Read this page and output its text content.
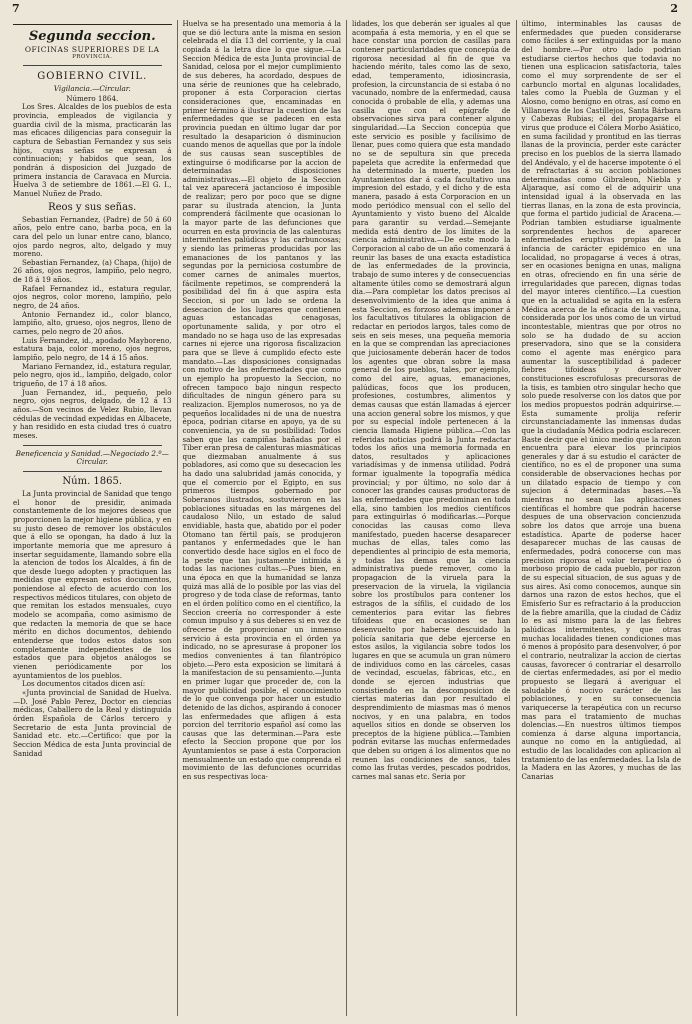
7	2
Segunda seccion.
OFICINAS SUPERIORES DE LA
PROVINCIA.
GOBIERNO CIVIL.
Vigilancia.—Circular.
Número 1864.

Los Sres. Alcaldes de los pueblos de esta provincia, empleados de vigilancia y guardia civil de la misma, practicarán las mas eficaces diligencias para conseguir la captura de Sebastian Fernandez y sus seis hijos, cuyas señas se expresan á continuacion; y habidos que sean, los pondrán á disposicion del Juzgado de primera instancia de Caravaca en Murcia. Huelva 3 de setiembre de 1861.—El G. I., Manuel Nuñez de Prado.

Reos y sus señas.

Sebastian Fernandez, (Padre) de 50 á 60 años, pelo entre cano, barba poca, en la cara del pelo un lunar entre cano, blanco, ojos pardo negros, alto, delgado y muy moreno.

Sebastian Fernandez, (a) Chapa, (hijo) de 26 años, ojos negros, lampiño, pelo negro, de 18 á 19 años.

Rafael Fernandez id., estatura regular, ojos negros, color moreno, lampiño, pelo negro, de 24 años.

Antonio Fernandez id., color blanco, lampiño, alto, grueso, ojos negros, lleno de carnes, pelo negro de 20 años.

Luis Fernandez, id., apodado Mayboreno, estatura baja, color moreno, ojos negros, lampiño, pelo negro, de 14 á 15 años.

Mariano Fernandez, id., estatura regular, pelo negro, ojos id., lampiño, delgado, color trigueño, de 17 á 18 años.

Juan Fernandez, id., pequeño, pelo negro, ojos negros, delgado, de 12 á 13 años.—Son vecinos de Velez Rubio, llevan cédulas de vecindad expedidas en Albacete, y han residido en esta ciudad tres ó cuatro meses.

Beneficencia y Sanidad.—Negociado 2.º—Circular.
Núm. 1865.

La Junta provincial de Sanidad que tengo el honor de presidir, animada constantemente de los mejores deseos que proporcionen la mejor higiene pública, y en su justo deseo de remover los obstáculos que á ello se opongan, ha dado á luz la importante memoria que me apresuro á insertar seguidamente, llamando sobre ella la atencion de todos los Alcaldes, á fin de que desde luego adopten y practiquen las medidas que expresan estos documentos, poniendose al efecto de acuerdo con los respectivos médicos titulares, con objeto de que remitan los estados mensuales, cuyo modelo se acompaña, como asimismo de que redacten la memoria de que se hace mérito en dichos documentos, debiendo entenderse que todos estos datos son completamente independientes de los estados que para objetos análogos se vienen periódicamente por los ayuntamientos de los pueblos.

Los documentos citados dicen así:

«Junta provincial de Sanidad de Huelva.—D. José Pablo Perez, Doctor en ciencias médicas, Caballero de la Real y distinguida órden Española de Cárlos tercero y Secretario de esta Junta provincial de Sanidad etc. etc.—Certifico: que por la Seccion Médica de esta Junta provincial de Sanidad

Huelva se ha presentado una memoria á la que se dió lectura ante la misma en sesion celebrada el día 13 del corriente, y la cual copiada á la letra dice lo que sigue.—La Seccion Médica de esta Junta provincial de Sanidad, celosa por el mejor cumplimiento de sus deberes, ha acordado, despues de una série de reuniones que ha celebrado, proponer á esta Corporacion ciertas consideraciones que, encaminadas en primer término á ilustrar la cuestion de las enfermedades que se padecen en esta provincia puedan en último lugar dar por resultado la desaparicion ó disminucion cuando menos de aquellas que por la índole de sus causas sean susceptibles de extinguirse ó modificarse por la accion de determinadas disposiciones administrativas.—El objeto de la Seccion tal vez aparecerá jactancioso é imposible de realizar; pero por poco que se digne parar su ilustrada atencion, la Junta comprenderá fácilmente que ocasionan lo la mayor parte de las defunciones que ocurren en esta provincia de las calenturas intermitentes palúdicas y las carbuncosas; y siendo las primeras producidas por las emanaciones de los pantanos y las segundas por la perniciosa costumbre de comer carnes de animales muertos, fácilmente repetimos, se comprenderá la posibilidad del fin á que aspira esta Seccion, si por un lado se ordena la desecacion de los lugares que contienen aguas estancadas cenagosas, oportunamente salida, y por otro el mandado no se haga uso de las expresadas carnes ni ejerce una rigorosa fiscalizacion para que se lleve á cumplido efecto este mandato.—Las disposiciones consignadas con motivo de las enfermedades que como un ejemplo ha propuesto la Seccion, no ofrecen tampoco bajo ningun respecto dificultades de ningun género para su realizacion. Ejemplos numerosos, no ya de pequeños localidades ni de una de nuestra época, podrian citarse en apoyo, ya de su conveniencia, ya de su posibilidad: Todos saben que las campiñas bañadas por el Tíber eran presa de calenturas miasmáticas que diezmaban anualmente á sus pobladores, así como que su desecacion les ha dado una salubridad jamás conocida, y que el comercio por el Egipto, en sus primeros tiempos gobernado por Soberanos ilustrados, sostuvieron en las poblaciones situadas en las márgenes del caudaloso Nilo, un estado de salud envidiable, hasta que, abatido por el poder Otomano tan fértil país, se produjeron pantanos y enfermedades que le han convertido desde hace siglos en el foco de la peste que tan justamente intimida á todas las naciones cultas.—Pues bien, en una época en que la humanidad se lanza quizá mas allá de lo posible por las vias del progreso y de toda clase de reformas, tanto en el órden político como en el científico, la Seccion creería no corresponder á este comun impulso y á sus deberes si en vez de ofrecerse de proporcionar un inmenso servicio á esta provincia en el órden ya indicado, no se apresurase á proponer los medios convenientes á tan filantrópico objeto.—Pero esta exposicion se limitará á la manifestacion de su pensamiento.—Junta en primer lugar que proceder de, con la mayor publicidad posible, el conocimiento de lo que convenga por hacer un estudio detenido de las dichos, aspirando á conocer las enfermedades que afligen á esta porcion del territorio español así como las causas que las determinan.—Para este efecto la Seccion propone que por los Ayuntamientos se pase á esta Corporacion mensualmente un estado que comprenda el movimiento de las defunciones ocurridas en sus respectivas loca-

lidades, los que deberán ser iguales al que acompaña á esta memoria, y en el que se hace constar una porcion de casillas para contener particularidades que concepúa de rigorosa necesidad al fin de que va haciendo mérito, tales como las de sexo, edad, temperamento, idiosincrasia, profesion, la circunstancia de si estaba ó no vacunado, nombre de la enfermedad, causa conocida ó probable de ella, y ademas una casilla que con el epígrafe de observaciones sirva para contener alguno singularidad.—La Seccion concepúa que este servicio es posible y facilísimo de llenar, pues como quiera que esta mandado no se de sepultura sin que preceda papeleta que acredite la enfermedad que ha determinado la muerte, pueden los Ayuntamientos dar á cada facultativo una impresion del estado, y el dicho y de esta manera, pasado á esta Corporacion en un modo periódico mensual con el sello del Ayuntamiento y visto bueno del Alcalde para garantir su verdad.—Semejante medida está dentro de los límites de la ciencia administrativa.—De este modo la Corporacion al cabo de un año comenzará á reunir las bases de una exacta estadística de las enfermedades de la provincia, trabajo de sumo interes y de consecuencias altamente útiles como se demostrará algun dia.—Para completar los datos precisos al desenvolvimiento de la idea que anima á esta Seccion, es forzoso ademas imponer á los facultativos titulares la obligacion de redactar en periodos largos, tales como de seis en seis meses, una pequeña memoria en la que se comprendan las apreciaciones que juiciosamente deberán hacer de todos los agentes que obran sobre la masa general de los pueblos, tales, por ejemplo, como del aire, aguas, emanaciones, palúdicas, focos que los producen, profesiones, costumbres, alimentos y demas causas que están llamadas á ejercer una accion general sobre los mismos, y que por su especial índole pertenecen á la ciencia llamada Higiene pública.—Con las referidas noticias podrá la Junta redactar todos los años una memoria formada en datos, resultados y aplicaciones variadísimas y de inmensa utilidad. Podrá formar igualmente la topografía médica provincial; y por último, no solo dar á conocer las grandes causas productoras de las enfermedades que predominan en toda ella, sino tambien los medios científicos para extinguirlas ó modificarlas.—Porque conocidas las causas como lleva manifestado, pueden hacerse desaparecer muchas de ellas, tales como las dependientes al principio de esta memoria, y todas las demas que la ciencia administrativa puede remover, como la propagacion de la viruela para la preservacion de la viruela, la vigilancia sobre los prostíbulos para contener los estragos de la sífilis, el cuidado de los cementerios para evitar las fiebres tifoideas que en ocasiones se han desenvuelto por haberse descuidado la policía sanitaria que debe ejercerse en estos asilos, la vigilancia sobre todos los lugares en que se acumula un gran número de individuos como en las cárceles, casas de vecindad, escuelas, fábricas, etc., en donde se ejercen industrias que consistiendo en la descomposicion de ciertas materias dan por resultado el desprendimiento de miasmas mas ó menos nocivos, y en una palabra, en todos aquellos sitios en donde se observen los preceptos de la higiene pública.—Tambien podrán evitarse las muchas enfermedades que deben su origen á los alimentos que no reunen las condiciones de sanos, tales como las frutas verdes, pescados podridos, carnes mal sanas etc. Seria por

último, interminables las causas de enfermedades que pueden considerarse como fáciles á ser extinguidas por la mano del hombre.—Por otro lado podrian estudiarse ciertos hechos que todavia no tienen una esplicacion satisfactoria, tales como el muy sorprendente de ser el carbunclo mortal en algunas localidades, tales como la Puebla de Guzman y el Alosno, como benigno en otras, así como en Villanueva de los Castillejos, Santa Bárbara y Cabezas Rubias; el del propagarse el virus que produce el Cólera Morbo Asiático, en suma facilidad y prontitud en las tierras llanas de la provincia, perder este carácter preciso en los pueblos de la sierra llamado del Andévalo, y el de hacerse impotente ó el de refractarias á su accion poblaciones determinadas como Gibraleon, Niebla y Aljaraque, así como el de adquirir una intensidad igual á la observada en las tierras llanas, en la zona de esta provincia, que forma el partido judicial de Aracena.—Podrian tambien estudiarse igualmente sorprendentes hechos de aparecer enfermedades eruptivas propias de la infancia de carácter epidémico en una localidad, no propagarse á veces á otras, ser en ocasiones benigna en unas, maligna en otras, ofreciendo en fin una série de irregularidades que parecen, dignas todas del mayor interes científico.—La cuestion que en la actualidad se agita en la esfera Médica acerca de la eficacia de la vacuna, considerada por los unos como de un virtud incontestable, mientras que por otros no solo se ha dudado de su accion preservadora, sino que se la considera como el agente mas enérgico para aumentar la susceptibilidad á padecer fiebres tifoideas y desenvolver constituciones escrofulosas precursoras de la tisis, es tambien otro singular hecho que solo puede resolverse con los datos que por los medios propuestos podrán adquirirse.—Esta sumamente prolija referir circunstanciadamente las inmensas dudas que la ciudadanía Médica podria esclarecer. Baste decir que el único medio que la razon encuentra para elevar los principios generales y dar á su estudio el carácter de científico, no es el de proponer una suma considerable de observaciones hechas por un dilatado espacio de tiempo y con sujecion á determinadas bases.—Ya mientras no sean las aplicaciones científicas el hombre que podrán hacerse despues de una observacion concienzuda sobre los datos que arroje una buena estadística. Aparte de poderse hacer desaparecer muchas de las causas de enfermedades, podrá conocerse con mas precision rigorosa el valor terapéutico ó morboso propio de cada pueblo, por razon de su especial situacion, de sus aguas y de sus aires. Así como conocemos, aunque sin darnos una razon de estos hechos, que el Emisferio Sur es refractario á la produccion de la fiebre amarilla, que la ciudad de Cádiz lo es así mismo para la de las fiebres palúdicas intermitentes, y que otras muchas localidades tienen condiciones mas ó menos á propósito para desenvolver, ó por el contrario, neutralizar la accion de ciertas causas, favorecer ó contrariar el desarrollo de ciertas enfermedades, así por el medio propuesto se llegará á averiguar el saludable ó nocivo carácter de las poblaciones, y en su consecuencia variquecerse la terapéutica con un recurso mas para el tratamiento de muchas dolencias.—En nuestros últimos tiempos comienza á darse alguna importancia, aunque no como en la antigüedad, al estudio de las localidades con aplicacion al tratamiento de las enfermedades. La Isla de la Madera en las Azores, y muchas de las Canarias
